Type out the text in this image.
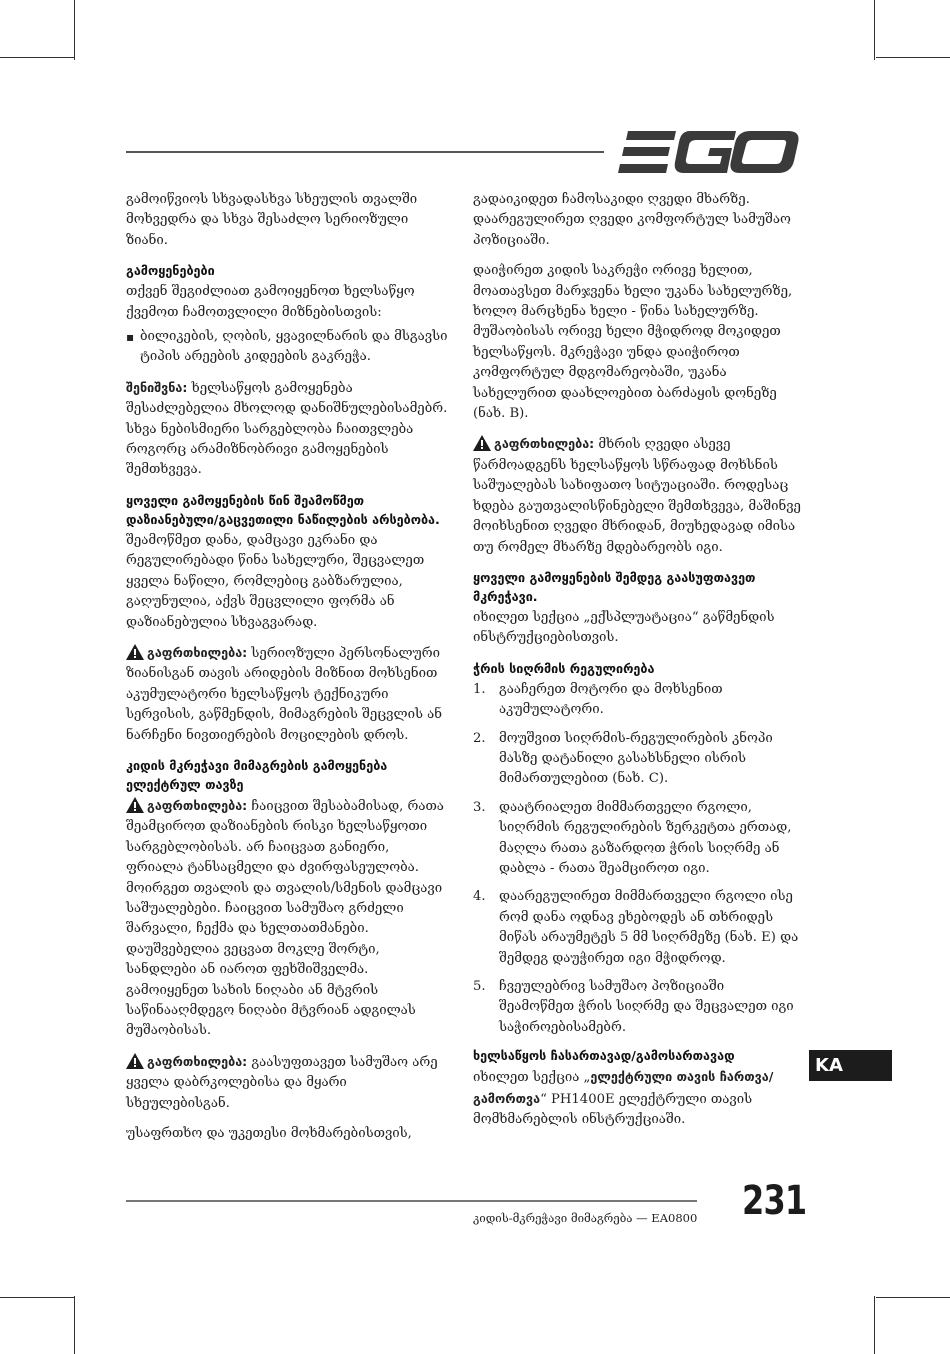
გამოიწვიოს სხვადასხვა სხეულის თვალში მოხვედრა და სხვა შესაძლო სერიოზული ზიანი.

გამოყენებები

თქვენ შეგიძლიათ გამოიყენოთ ხელსაწყო ქვემოთ ჩამოთვლილი მიზნებისთვის:

▪ ბილიკების, ღობის, ყვავილნარის და მსგავსი ტიპის არეების კიდეების გაკრეჭა.

შენიშვნა: ხელსაწყოს გამოყენება შესაძლებელია მხოლოდ დანიშნულებისამებრ. სხვა ნებისმიერი სარგებლობა ჩაითვლება როგორც არამიზნობრივი გამოყენების შემთხვევა.

ყოველი გამოყენების წინ შეამოწმეთ დაზიანებული/გაცვეთილი ნაწილების არსებობა.

შეამოწმეთ დანა, დამცავი ეკრანი და რეგულირებადი წინა სახელური, შეცვალეთ ყველა ნაწილი, რომლებიც გაბზარულია, გაღუნულია, აქვს შეცვლილი ფორმა ან დაზიანებულია სხვაგვარად.

გაფრთხილება: სერიოზული პერსონალური ზიანისგან თავის არიდების მიზნით მოხსენით აკუმულატორი ხელსაწყოს ტექნიკური სერვისის, გაწმენდის, მიმაგრების შეცვლის ან ნარჩენი ნივთიერების მოცილების დროს.

კიდის მკრეჭავი მიმაგრების გამოყენება ელექტრულ თავზე

გაფრთხილება: ჩაიცვით შესაბამისად, რათა შეამციროთ დაზიანების რისკი ხელსაწყოთი სარგებლობისას. არ ჩაიცვათ განიერი, ფრიალა ტანსაცმელი და ძვირფასეულობა. მოირგეთ თვალის და თვალის/სმენის დამცავი საშუალებები. ჩაიცვით სამუშაო გრძელი შარვალი, ჩექმა და ხელთათმანები. დაუშვებელია ვეცვათ მოკლე შორტი, სანდლები ან იაროთ ფეხშიშველმა. გამოიყენეთ სახის ნიღაბი ან მტვრის საწინააღმდეგო ნიღაბი მტვრიან ადგილას მუშაობისას.

გაფრთხილება: გაასუფთავეთ სამუშაო არე ყველა დაბრკოლებისა და მყარი სხეულებისგან.

უსაფრთხო და უკეთესი მოხმარებისთვის,

გადაიკიდეთ ჩამოსაკიდი ღვედი მხარზე. დაარეგულირეთ ღვედი კომფორტულ სამუშაო პოზიციაში.

დაიჭირეთ კიდის საკრეჭი ორივე ხელით, მოათავსეთ მარჯვენა ხელი უკანა სახელურზე, ხოლო მარცხენა ხელი - წინა სახელურზე. მუშაობისას ორივე ხელი მჭიდროდ მოკიდეთ ხელსაწყოს. მკრეჭავი უნდა დაიჭიროთ კომფორტულ მდგომარეობაში, უკანა სახელურით დაახლოებით ბარძაყის დონეზე (ნახ. B).

გაფრთხილება: მხრის ღვედი ასევე წარმოადგენს ხელსაწყოს სწრაფად მოხსნის საშუალებას სახიფათო სიტუაციაში. როდესაც ხდება გაუთვალისწინებელი შემთხვევა, მაშინვე მოიხსენით ღვედი მხრიდან, მიუხედავად იმისა თუ რომელ მხარზე მდებარეობს იგი.

ყოველი გამოყენების შემდეგ გაასუფთავეთ მკრეჭავი.

იხილეთ სექცია „ექსპლუატაცია“ გაწმენდის ინსტრუქციებისთვის.

ჭრის სიღრმის რეგულირება
1.	გააჩერეთ მოტორი და მოხსენით აკუმულატორი.
2.	მოუშვით სიღრმის-რეგულირების კნოპი მასზე დატანილი გასახსნელი ისრის მიმართულებით (ნახ. C).
3.	დაატრიალეთ მიმმართველი რგოლი, სიღრმის რეგულირების ზერკეტთა ერთად, მაღლა რათა გაზარდოთ ჭრის სიღრმე ან დაბლა - რათა შეამციროთ იგი.
4.	დაარეგულირეთ მიმმართველი რგოლი ისე რომ დანა ოდნავ ეხებოდეს ან თხრიდეს მიწას არაუმეტეს 5 მმ სიღრმეზე (ნახ. E) და შემდეგ დაუჭირეთ იგი მჭიდროდ.
5.	ჩვეულებრივ სამუშაო პოზიციაში შეამოწმეთ ჭრის სიღრმე და შეცვალეთ იგი საჭიროებისამებრ.
ხელსაწყოს ჩასართავად/გამოსართავად

იხილეთ სექცია „ელექტრული თავის ჩართვა/გამორთვა“ PH1400E ელექტრული თავის მომხმარებლის ინსტრუქციაში.

KA
კიდის-მკრეჭავი მიმაგრება — EA0800 231
